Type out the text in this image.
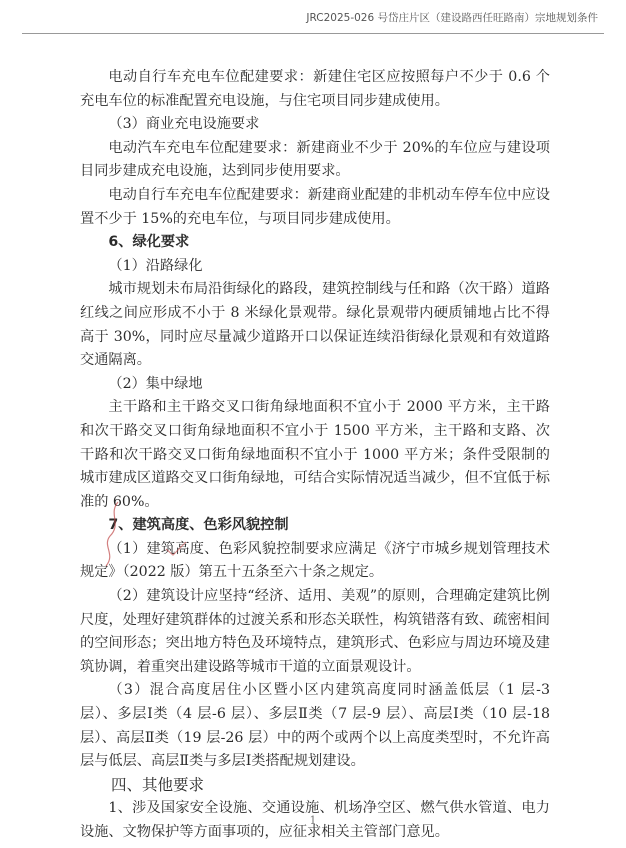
JRC2025-026 号岱庄片区（建设路西任旺路南）宗地规划条件

电动自行车充电车位配建要求：新建住宅区应按照每户不少于 0.6 个充电车位的标准配置充电设施，与住宅项目同步建成使用。

（3）商业充电设施要求

电动汽车充电车位配建要求：新建商业不少于 20%的车位应与建设项目同步建成充电设施，达到同步使用要求。

电动自行车充电车位配建要求：新建商业配建的非机动车停车位中应设置不少于 15%的充电车位，与项目同步建成使用。

6、绿化要求

（1）沿路绿化

城市规划未布局沿街绿化的路段，建筑控制线与任和路（次干路）道路红线之间应形成不小于 8 米绿化景观带。绿化景观带内硬质铺地占比不得高于 30%，同时应尽量减少道路开口以保证连续沿街绿化景观和有效道路交通隔离。

（2）集中绿地

主干路和主干路交叉口街角绿地面积不宜小于 2000 平方米，主干路和次干路交叉口街角绿地面积不宜小于 1500 平方米，主干路和支路、次干路和次干路交叉口街角绿地面积不宜小于 1000 平方米；条件受限制的城市建成区道路交叉口街角绿地，可结合实际情况适当减少，但不宜低于标准的 60%。

7、建筑高度、色彩风貌控制

（1）建筑高度、色彩风貌控制要求应满足《济宁市城乡规划管理技术规定》（2022 版）第五十五条至六十条之规定。

（2）建筑设计应坚持“经济、适用、美观”的原则，合理确定建筑比例尺度，处理好建筑群体的过渡关系和形态关联性，构筑错落有致、疏密相间的空间形态；突出地方特色及环境特点，建筑形式、色彩应与周边环境及建筑协调，着重突出建设路等城市干道的立面景观设计。

（3）混合高度居住小区暨小区内建筑高度同时涵盖低层（1 层-3 层）、多层Ⅰ类（4 层-6 层）、多层Ⅱ类（7 层-9 层）、高层Ⅰ类（10 层-18 层）、高层Ⅱ类（19 层-26 层）中的两个或两个以上高度类型时，不允许高层与低层、高层Ⅱ类与多层Ⅰ类搭配规划建设。

四、其他要求

1、涉及国家安全设施、交通设施、机场净空区、燃气供水管道、电力设施、文物保护等方面事项的，应征求相关主管部门意见。

1
